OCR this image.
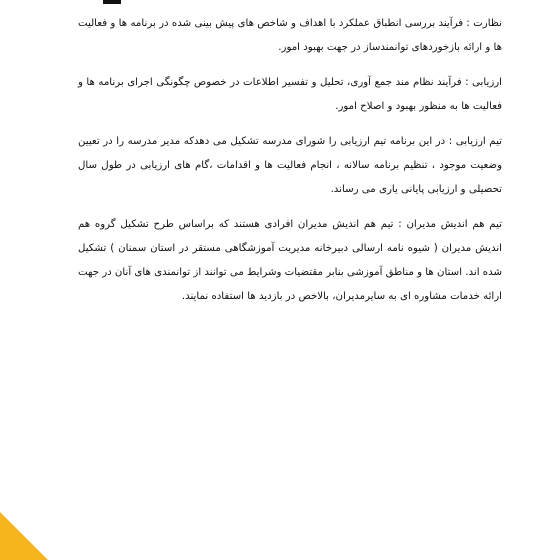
نظارت : فرآیند بررسی انطباق عملکرد با اهداف و شاخص های پیش بینی شده در برنامه ها و فعالیت ها و ارائه بازخوردهای توانمندساز در جهت بهبود امور.

ارزیابی : فرآیند نظام مند جمع آوری، تحلیل و تفسیر اطلاعات در خصوص چگونگی اجرای برنامه ها و فعالیت ها به منظور بهبود و اصلاح امور.

تیم ارزیابی : در این برنامه تیم ارزیابی را شورای مدرسه تشکیل می دهدکه مدیر مدرسه را در تعیین وضعیت موجود ، تنظیم برنامه سالانه ، انجام فعالیت ها و اقدامات ،گام های ارزیابی در طول سال تحصیلی و ارزیابی پایانی یاری می رساند.

تیم هم اندیش مدیران : تیم هم اندیش مدیران افرادی هستند که براساس طرح تشکیل گروه هم اندیش مدیران ( شیوه نامه ارسالی دبیرخانه مدیریت آموزشگاهی مستقر در استان سمنان ) تشکیل شده اند. استان ها و مناطق آموزشی بنابر مقتضیات وشرایط می توانند از توانمندی های آنان در جهت ارائه خدمات مشاوره ای به سایرمدیران، بالاخص در بازدید ها استفاده نمایند.
